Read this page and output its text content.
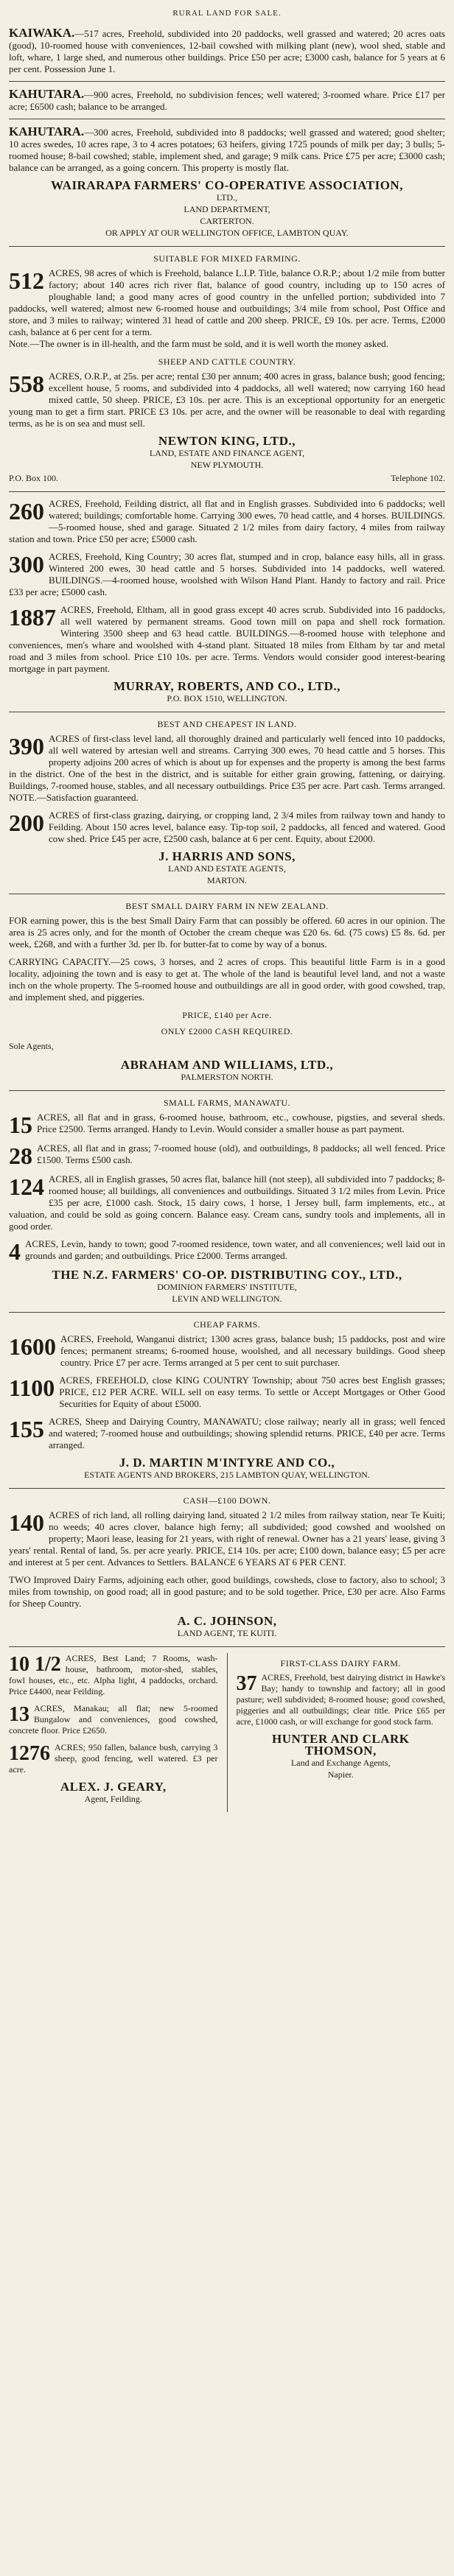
RURAL LAND FOR SALE.
KAIWAKA.—517 acres, Freehold, subdivided into 20 paddocks, well grassed and watered; 20 acres oats (good), 10-roomed house with conveniences, 12-bail cowshed with milking plant (new), wool shed, stable and loft, whare, 1 large shed, and numerous other buildings. Price £50 per acre; £3000 cash, balance for 5 years at 6 per cent. Possession June 1.
KAHUTARA.—900 acres, Freehold, no subdivision fences; well watered; 3-roomed whare. Price £17 per acre; £6500 cash; balance to be arranged.
KAHUTARA.—300 acres, Freehold, subdivided into 8 paddocks; well grassed and watered; good shelter; 10 acres swedes, 10 acres rape, 3 to 4 acres potatoes; 63 heifers, giving 1725 pounds of milk per day; 3 bulls; 5-roomed house; 8-bail cowshed; stable, implement shed, and garage; 9 milk cans. Price £75 per acre; £3000 cash; balance can be arranged, as a going concern. This property is mostly flat.
WAIRARAPA FARMERS' CO-OPERATIVE ASSOCIATION,
LTD.,
LAND DEPARTMENT,
CARTERTON.
OR APPLY AT OUR WELLINGTON OFFICE, LAMBTON QUAY.
SUITABLE FOR MIXED FARMING.
512 ACRES, 98 acres of which is Freehold, balance L.I.P. Title, balance O.R.P.; about 1/2 mile from butter factory; about 140 acres rich river flat, balance of good country, including up to 150 acres of ploughable land; a good many acres of good country in the unfelled portion; subdivided into 7 paddocks, well watered; almost new 6-roomed house and outbuildings; 3/4 mile from school, Post Office and store, and 3 miles to railway; wintered 31 head of cattle and 200 sheep. PRICE, £9 10s. per acre. Terms, £2000 cash, balance at 6 per cent for a term.
Note.—The owner is in ill-health, and the farm must be sold, and it is well worth the money asked.
SHEEP AND CATTLE COUNTRY.
558 ACRES, O.R.P., at 25s. per acre; rental £30 per annum; 400 acres in grass, balance bush; good fencing; excellent house, 5 rooms, and subdivided into 4 paddocks, all well watered; now carrying 160 head mixed cattle, 50 sheep. PRICE, £3 10s. per acre. This is an exceptional opportunity for an energetic young man to get a firm start. PRICE £3 10s. per acre, and the owner will be reasonable to deal with regarding terms, as he is on sea and must sell.
NEWTON KING, LTD.,
LAND, ESTATE AND FINANCE AGENT,
NEW PLYMOUTH.
P.O. Box 100.	Telephone 102.
260 ACRES, Freehold, Feilding district, all flat and in English grasses. Subdivided into 6 paddocks; well watered; buildings; comfortable home. Carrying 300 ewes, 70 head cattle, and 4 horses. BUILDINGS.—5-roomed house, shed and garage. Situated 2 1/2 miles from dairy factory, 4 miles from railway station and town. Price £50 per acre; £5000 cash.
300 ACRES, Freehold, King Country; 30 acres flat, stumped and in crop, balance easy hills, all in grass. Wintered 200 ewes, 30 head cattle and 5 horses. Subdivided into 14 paddocks, well watered. BUILDINGS.—4-roomed house, woolshed with Wilson Hand Plant. Handy to factory and rail. Price £33 per acre; £5000 cash.
1887 ACRES, Freehold, Eltham, all in good grass except 40 acres scrub. Subdivided into 16 paddocks, all well watered by permanent streams. Good town mill on papa and shell rock formation. Wintering 3500 sheep and 63 head cattle. BUILDINGS.—8-roomed house with telephone and conveniences, men's whare and woolshed with 4-stand plant. Situated 18 miles from Eltham by tar and metal road and 3 miles from school. Price £10 10s. per acre. Terms. Vendors would consider good interest-bearing mortgage in part payment.
MURRAY, ROBERTS, AND CO., LTD.,
P.O. BOX 1510, WELLINGTON.
BEST AND CHEAPEST IN LAND.
390 ACRES of first-class level land, all thoroughly drained and particularly well fenced into 10 paddocks, all well watered by artesian well and streams. Carrying 300 ewes, 70 head cattle and 5 horses. This property adjoins 200 acres of which is about up for expenses and the property is among the best farms in the district. One of the best in the district, and is suitable for either grain growing, fattening, or dairying. Buildings, 7-roomed house, stables, and all necessary outbuildings. Price £35 per acre. Part cash. Terms arranged. NOTE.—Satisfaction guaranteed.
200 ACRES of first-class grazing, dairying, or cropping land, 2 3/4 miles from railway town and handy to Feilding. About 150 acres level, balance easy. Tip-top soil, 2 paddocks, all fenced and watered. Good cow shed. Price £45 per acre, £2500 cash, balance at 6 per cent. Equity, about £2000.
J. HARRIS AND SONS,
LAND AND ESTATE AGENTS,
MARTON.
BEST SMALL DAIRY FARM IN NEW ZEALAND.
FOR earning power, this is the best Small Dairy Farm that can possibly be offered. 60 acres in our opinion. The area is 25 acres only, and for the month of October the cream cheque was £20 6s. 6d. (75 cows) £5 8s. 6d. per week, £268, and with a further 3d. per lb. for butter-fat to come by way of a bonus.
CARRYING CAPACITY.—25 cows, 3 horses, and 2 acres of crops. This beautiful little Farm is in a good locality, adjoining the town and is easy to get at. The whole of the land is beautiful level land, and not a waste inch on the whole property. The 5-roomed house and outbuildings are all in good order, with good cowshed, trap, and implement shed, and piggeries.
PRICE, £140 per Acre.
ONLY £2000 CASH REQUIRED.
Sole Agents,
ABRAHAM AND WILLIAMS, LTD.,
PALMERSTON NORTH.
SMALL FARMS, MANAWATU.
15 ACRES, all flat and in grass, 6-roomed house, bathroom, etc., cowhouse, pigsties, and several sheds. Price £2500. Terms arranged. Handy to Levin. Would consider a smaller house as part payment.
28 ACRES, all flat and in grass; 7-roomed house (old), and outbuildings, 8 paddocks; all well fenced. Price £1500. Terms £500 cash.
124 ACRES, all in English grasses, 50 acres flat, balance hill (not steep), all subdivided into 7 paddocks; 8-roomed house; all buildings, all conveniences and outbuildings. Situated 3 1/2 miles from Levin. Price £35 per acre, £1000 cash. Stock, 15 dairy cows, 1 horse, 1 Jersey bull, farm implements, etc., at valuation, and could be sold as going concern. Balance easy. Cream cans, sundry tools and implements, all in good order.
4 ACRES, Levin, handy to town; good 7-roomed residence, town water, and all conveniences; well laid out in grounds and garden; and outbuildings. Price £2000. Terms arranged.
THE N.Z. FARMERS' CO-OP. DISTRIBUTING COY., LTD.,
DOMINION FARMERS' INSTITUTE,
LEVIN AND WELLINGTON.
CHEAP FARMS.
1600 ACRES, Freehold, Wanganui district; 1300 acres grass, balance bush; 15 paddocks, post and wire fences; permanent streams; 6-roomed house, woolshed, and all necessary buildings. Good sheep country. Price £7 per acre. Terms arranged at 5 per cent to suit purchaser.
1100 ACRES, FREEHOLD, close KING COUNTRY Township; about 750 acres best English grasses; PRICE, £12 PER ACRE. WILL sell on easy terms. To settle or Accept Mortgages or Other Good Securities for Equity of about £5000.
155 ACRES, Sheep and Dairying Country, MANAWATU; close railway; nearly all in grass; well fenced and watered; 7-roomed house and outbuildings; showing splendid returns. PRICE, £40 per acre. Terms arranged.
J. D. MARTIN M'INTYRE AND CO.,
ESTATE AGENTS AND BROKERS, 215 LAMBTON QUAY, WELLINGTON.
CASH—£100 DOWN.
140 ACRES of rich land, all rolling dairying land, situated 2 1/2 miles from railway station, near Te Kuiti; no weeds; 40 acres clover, balance high ferny; all subdivided; good cowshed and woolshed on property; Maori lease, leasing for 21 years, with right of renewal. Owner has a 21 years' lease, giving 3 years' rental. Rental of land, 5s. per acre yearly. PRICE, £14 10s. per acre; £100 down, balance easy; £5 per acre and interest at 5 per cent. Advances to Settlers. BALANCE 6 YEARS AT 6 PER CENT.
TWO Improved Dairy Farms, adjoining each other, good buildings, cowsheds, close to factory, also to school; 3 miles from township, on good road; all in good pasture; and to be sold together. Price, £30 per acre. Also Farms for Sheep Country.
A. C. JOHNSON,
LAND AGENT, TE KUITI.
10 1/2 ACRES, Best Land; 7 Rooms, wash-house, bathroom, motor-shed, stables, fowl houses, etc., etc. Alpha light, 4 paddocks, orchard. Price £4400, near Feilding.
13 ACRES, Manakau; all flat; new 5-roomed Bungalow and conveniences, good cowshed, concrete floor. Price £2650.
1276 ACRES; 950 fallen, balance bush, carrying 3 sheep, good fencing, well watered. £3 per acre.
ALEX. J. GEARY,
Agent, Feilding.
FIRST-CLASS DAIRY FARM.
37 ACRES, Freehold, best dairying district in Hawke's Bay; handy to township and factory; all in good pasture; well subdivided; 8-roomed house; good cowshed, piggeries and all outbuildings; clear title. Price £65 per acre, £1000 cash, or will exchange for good stock farm.
HUNTER AND CLARK THOMSON,
Land and Exchange Agents,
Napier.
